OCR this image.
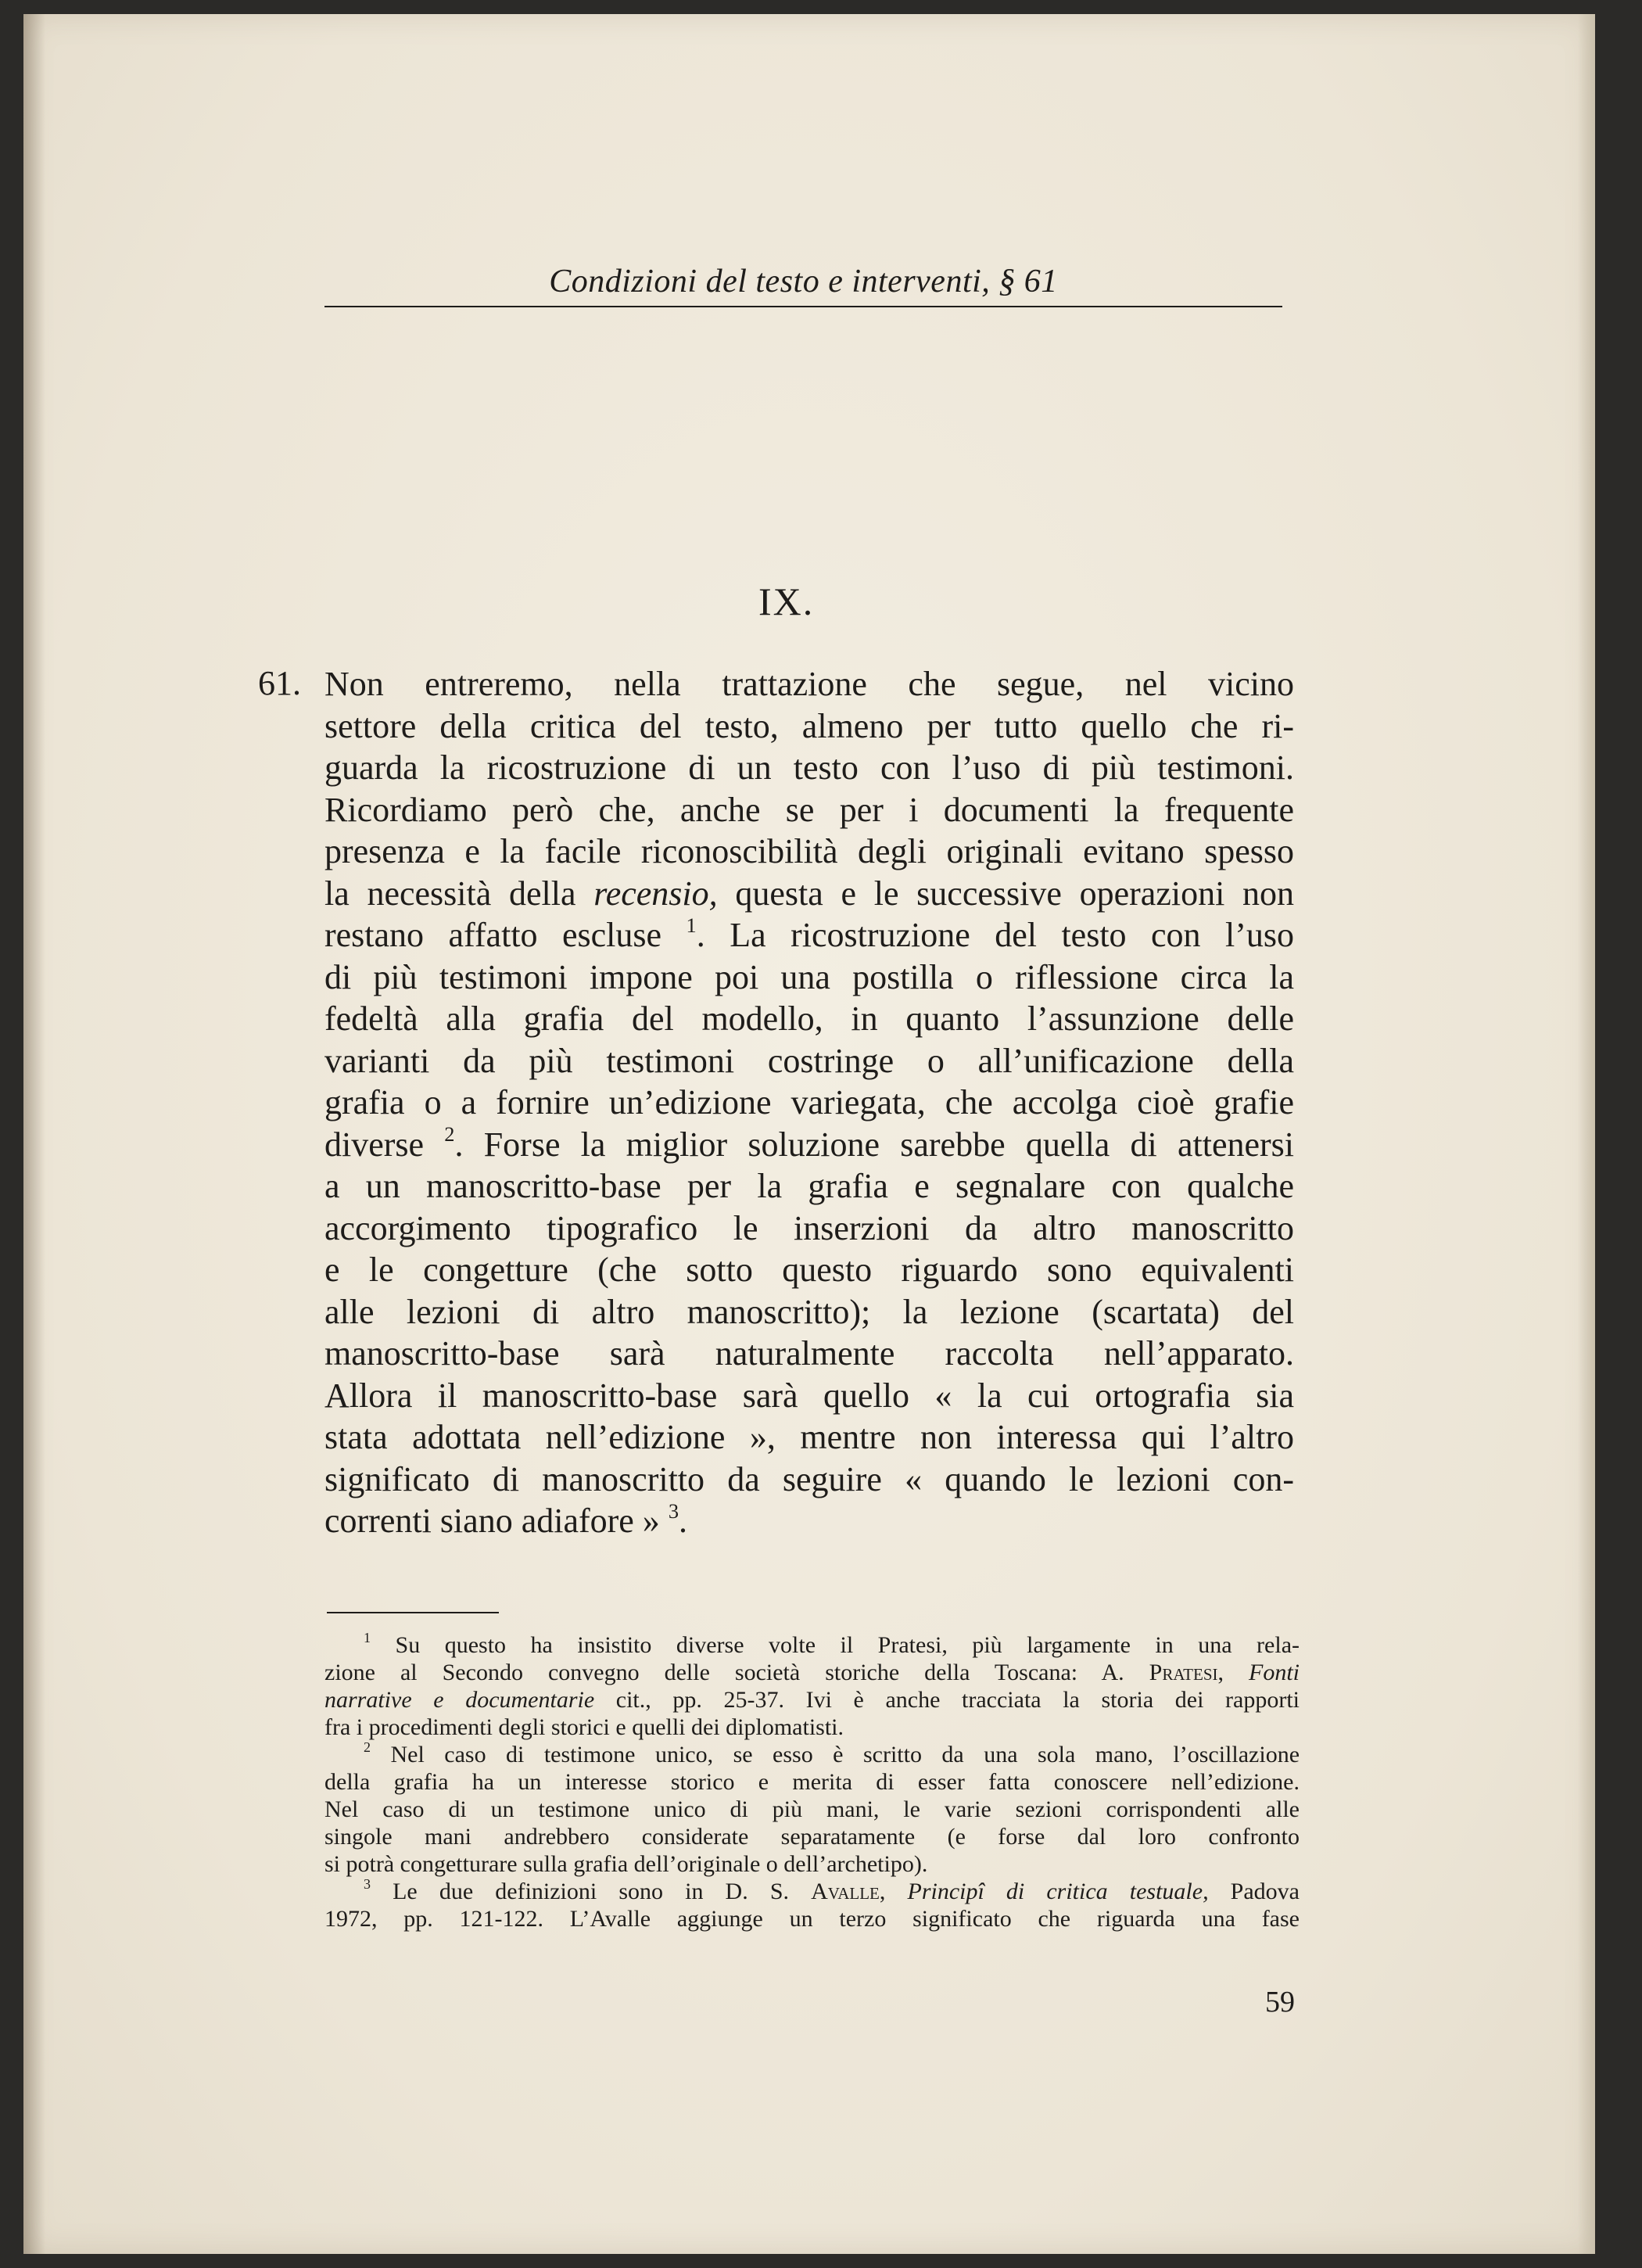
Condizioni del testo e interventi, § 61
IX.
61. Non entreremo, nella trattazione che segue, nel vicino
settore della critica del testo, almeno per tutto quello che ri-
guarda la ricostruzione di un testo con l’uso di più testimoni.
Ricordiamo però che, anche se per i documenti la frequente
presenza e la facile riconoscibilità degli originali evitano spesso
la necessità della recensio, questa e le successive operazioni non
restano affatto escluse $^1$. La ricostruzione del testo con l’uso
di più testimoni impone poi una postilla o riflessione circa la
fedeltà alla grafia del modello, in quanto l’assunzione delle
varianti da più testimoni costringe o all’unificazione della
grafia o a fornire un’edizione variegata, che accolga cioè grafie
diverse $^2$. Forse la miglior soluzione sarebbe quella di attenersi
a un manoscritto-base per la grafia e segnalare con qualche
accorgimento tipografico le inserzioni da altro manoscritto
e le congetture (che sotto questo riguardo sono equivalenti
alle lezioni di altro manoscritto); la lezione (scartata) del
manoscritto-base sarà naturalmente raccolta nell’apparato.
Allora il manoscritto-base sarà quello « la cui ortografia sia
stata adottata nell’edizione », mentre non interessa qui l’altro
significato di manoscritto da seguire « quando le lezioni con-
correnti siano adiafore » $^3$.
$^1$ Su questo ha insistito diverse volte il Pratesi, più largamente in una rela-
zione al Secondo convegno delle società storiche della Toscana: A. Pratesi, Fonti
narrative e documentarie cit., pp. 25-37. Ivi è anche tracciata la storia dei rapporti
fra i procedimenti degli storici e quelli dei diplomatisti.
$^2$ Nel caso di testimone unico, se esso è scritto da una sola mano, l’oscillazione
della grafia ha un interesse storico e merita di esser fatta conoscere nell’edizione.
Nel caso di un testimone unico di più mani, le varie sezioni corrispondenti alle
singole mani andrebbero considerate separatamente (e forse dal loro confronto
si potrà congetturare sulla grafia dell’originale o dell’archetipo).
$^3$ Le due definizioni sono in D. S. Avalle, Principî di critica testuale, Padova
1972, pp. 121-122. L’Avalle aggiunge un terzo significato che riguarda una fase
59
